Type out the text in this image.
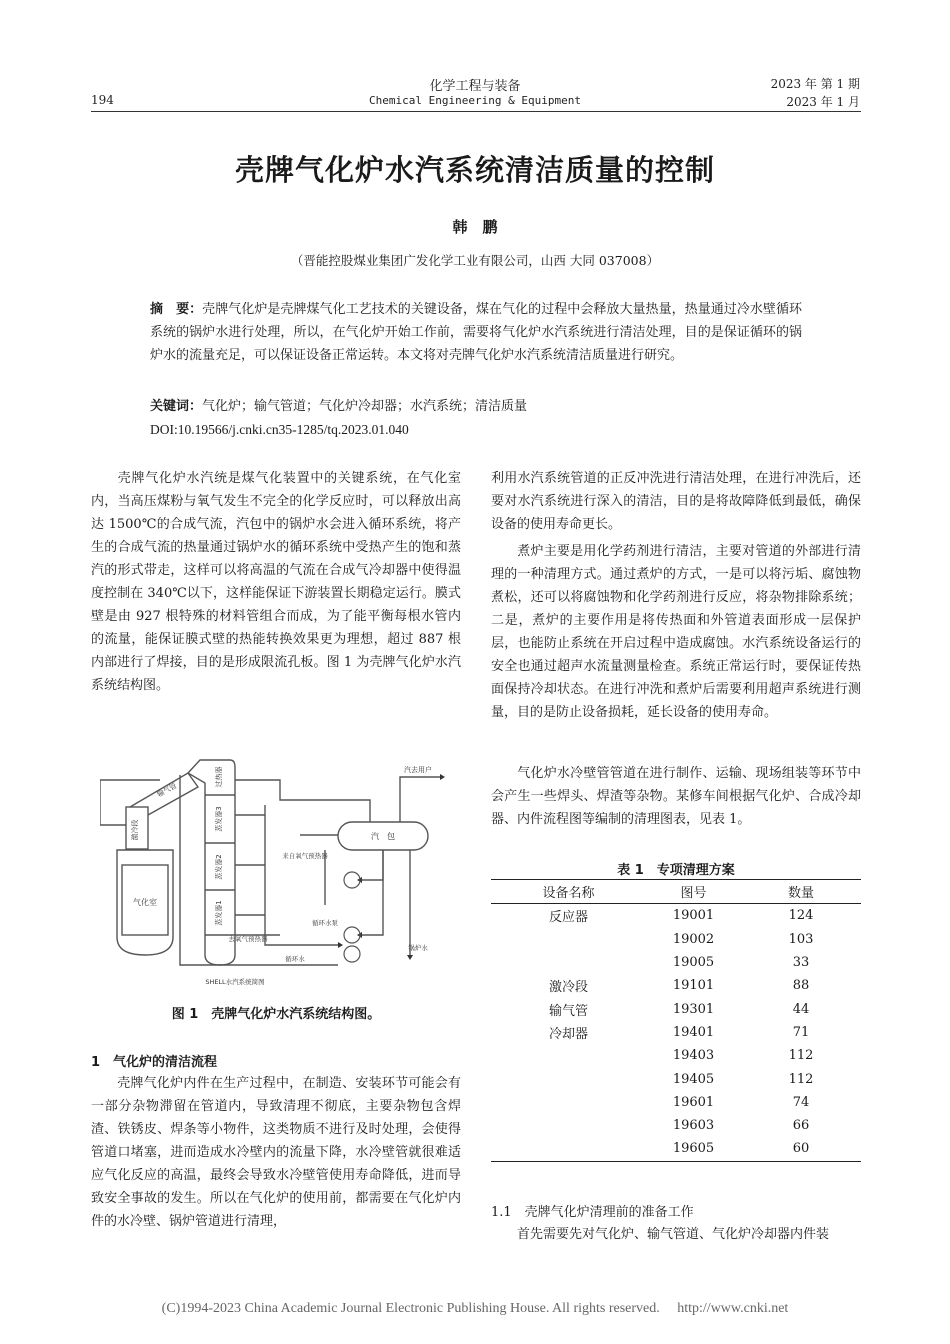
194
化学工程与装备
Chemical Engineering & Equipment
2023 年 第 1 期
2023 年 1 月
壳牌气化炉水汽系统清洁质量的控制
韩　鹏
（晋能控股煤业集团广发化学工业有限公司，山西 大同 037008）
摘　要：壳牌气化炉是壳牌煤气化工艺技术的关键设备，煤在气化的过程中会释放大量热量，热量通过冷水壁循环系统的锅炉水进行处理，所以，在气化炉开始工作前，需要将气化炉水汽系统进行清洁处理，目的是保证循环的锅炉水的流量充足，可以保证设备正常运转。本文将对壳牌气化炉水汽系统清洁质量进行研究。
关键词：气化炉；输气管道；气化炉冷却器；水汽系统；清洁质量
DOI:10.19566/j.cnki.cn35-1285/tq.2023.01.040
壳牌气化炉水汽统是煤气化装置中的关键系统，在气化室内，当高压煤粉与氧气发生不完全的化学反应时，可以释放出高达 1500℃的合成气流，汽包中的锅炉水会进入循环系统，将产生的合成气流的热量通过锅炉水的循环系统中受热产生的饱和蒸汽的形式带走，这样可以将高温的气流在合成气冷却器中使得温度控制在 340℃以下，这样能保证下游装置长期稳定运行。膜式壁是由 927 根特殊的材料管组合而成，为了能平衡每根水管内的流量，能保证膜式壁的热能转换效果更为理想，超过 887 根内部进行了焊接，目的是形成限流孔板。图 1 为壳牌气化炉水汽系统结构图。
气化室
激冷段
输气管
过热器
蒸发器3
蒸发器2
蒸发器1
汽　包
汽去用户
来自氧气预热器
循环水泵
去氧气预热器
循环水
锅炉水
SHELL水汽系统简图
图 1　壳牌气化炉水汽系统结构图。
1　气化炉的清洁流程
壳牌气化炉内件在生产过程中，在制造、安装环节可能会有一部分杂物滞留在管道内，导致清理不彻底，主要杂物包含焊渣、铁锈皮、焊条等小物件，这类物质不进行及时处理，会使得管道口堵塞，进而造成水冷壁内的流量下降，水冷壁管就很难适应气化反应的高温，最终会导致水冷壁管使用寿命降低，进而导致安全事故的发生。所以在气化炉的使用前，都需要在气化炉内件的水冷壁、锅炉管道进行清理，
利用水汽系统管道的正反冲洗进行清洁处理，在进行冲洗后，还要对水汽系统进行深入的清洁，目的是将故障降低到最低，确保设备的使用寿命更长。
煮炉主要是用化学药剂进行清洁，主要对管道的外部进行清理的一种清理方式。通过煮炉的方式，一是可以将污垢、腐蚀物煮松，还可以将腐蚀物和化学药剂进行反应，将杂物排除系统；二是，煮炉的主要作用是将传热面和外管道表面形成一层保护层，也能防止系统在开启过程中造成腐蚀。水汽系统设备运行的安全也通过超声水流量测量检查。系统正常运行时，要保证传热面保持冷却状态。在进行冲洗和煮炉后需要利用超声系统进行测量，目的是防止设备损耗，延长设备的使用寿命。
气化炉水冷壁管管道在进行制作、运输、现场组装等环节中会产生一些焊头、焊渣等杂物。某修车间根据气化炉、合成冷却器、内件流程图等编制的清理图表，见表 1。
表 1　专项清理方案
设备名称	图号	数量
反应器	19001	124
	19002	103
	19005	33
激冷段	19101	88
输气管	19301	44
冷却器	19401	71
	19403	112
	19405	112
	19601	74
	19603	66
	19605	60
1.1　壳牌气化炉清理前的准备工作
首先需要先对气化炉、输气管道、气化炉冷却器内件装
(C)1994-2023 China Academic Journal Electronic Publishing House. All rights reserved.　 http://www.cnki.net
